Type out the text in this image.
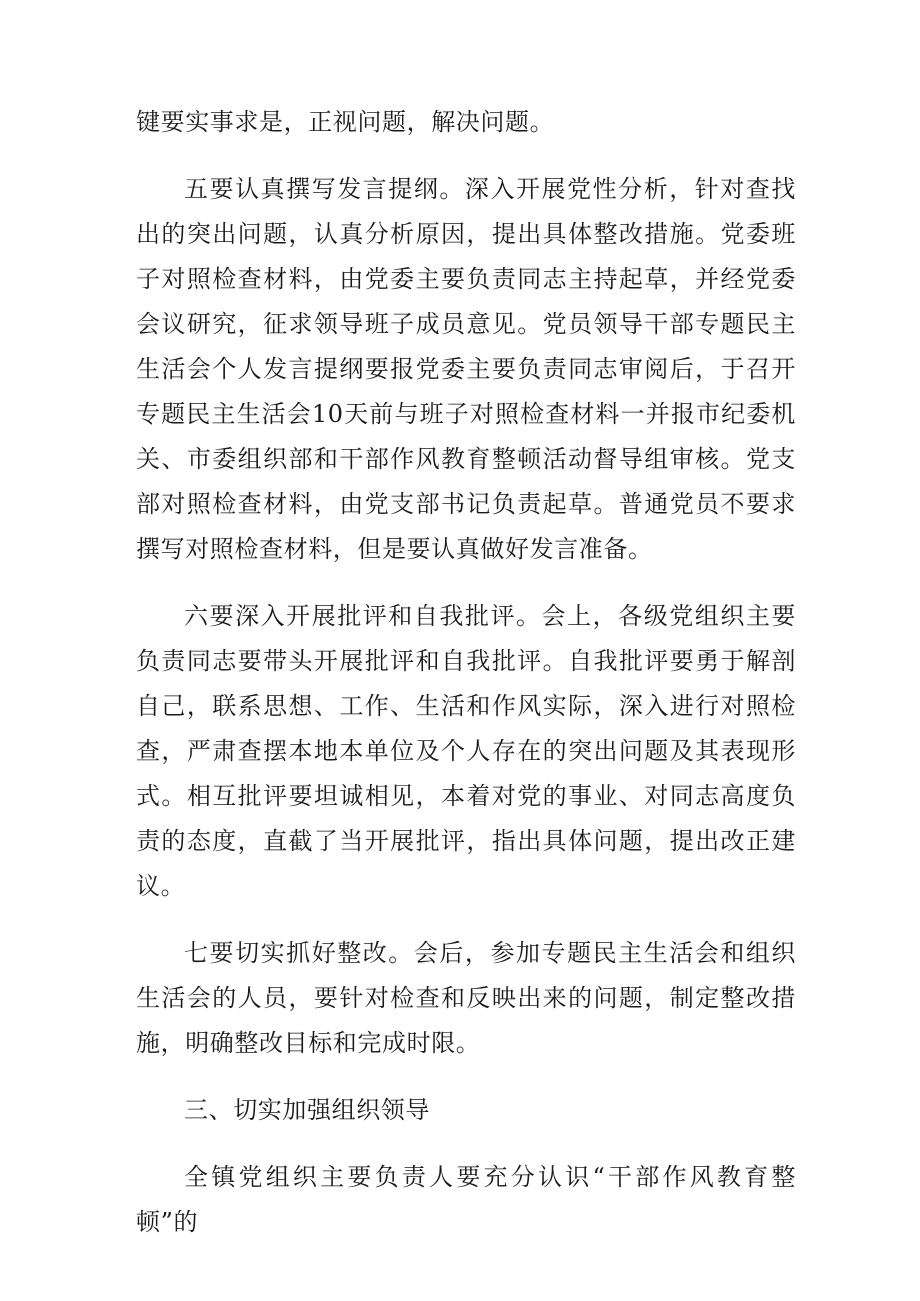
键要实事求是，正视问题，解决问题。

五要认真撰写发言提纲。深入开展党性分析，针对查找出的突出问题，认真分析原因，提出具体整改措施。党委班子对照检查材料，由党委主要负责同志主持起草，并经党委会议研究，征求领导班子成员意见。党员领导干部专题民主生活会个人发言提纲要报党委主要负责同志审阅后，于召开专题民主生活会10天前与班子对照检查材料一并报市纪委机关、市委组织部和干部作风教育整顿活动督导组审核。党支部对照检查材料，由党支部书记负责起草。普通党员不要求撰写对照检查材料，但是要认真做好发言准备。

六要深入开展批评和自我批评。会上，各级党组织主要负责同志要带头开展批评和自我批评。自我批评要勇于解剖自己，联系思想、工作、生活和作风实际，深入进行对照检查，严肃查摆本地本单位及个人存在的突出问题及其表现形式。相互批评要坦诚相见，本着对党的事业、对同志高度负责的态度，直截了当开展批评，指出具体问题，提出改正建议。

七要切实抓好整改。会后，参加专题民主生活会和组织生活会的人员，要针对检查和反映出来的问题，制定整改措施，明确整改目标和完成时限。

三、切实加强组织领导

全镇党组织主要负责人要充分认识“干部作风教育整顿”的
